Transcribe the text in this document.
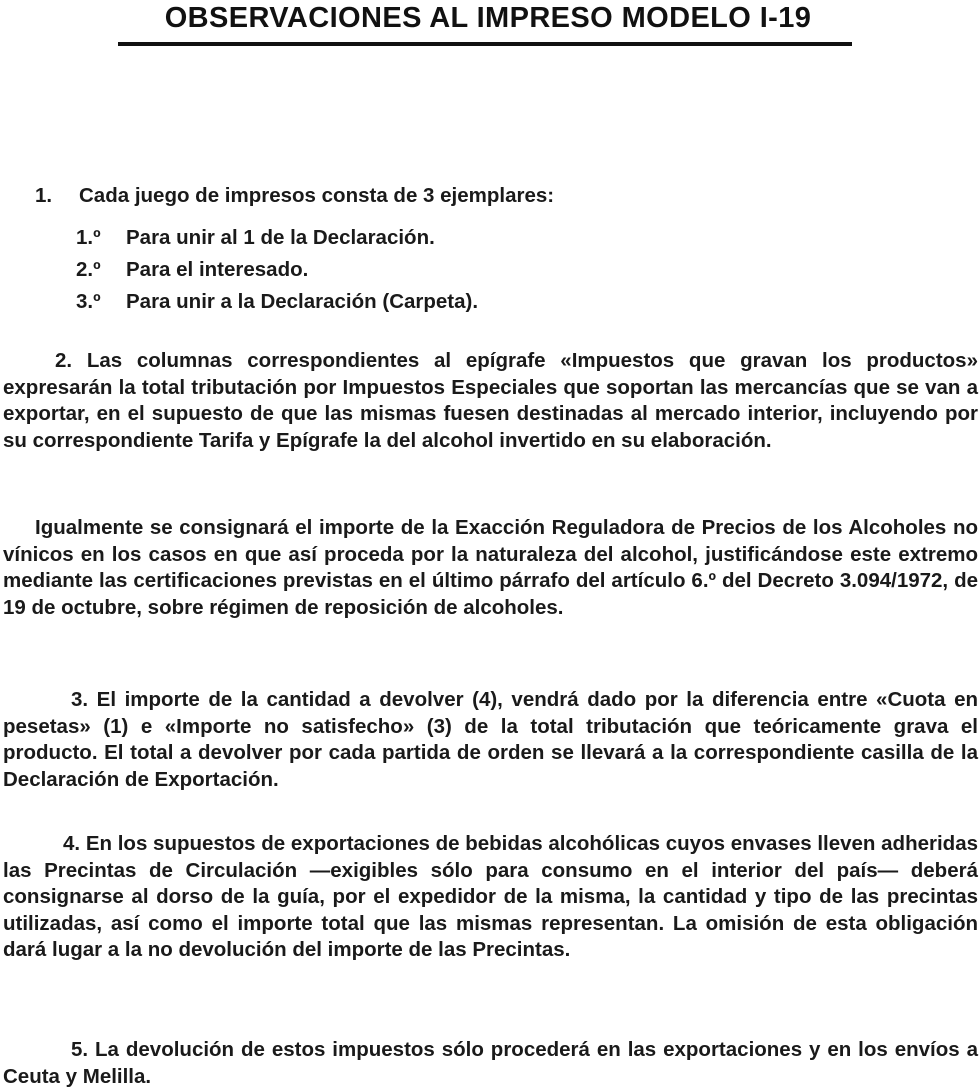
OBSERVACIONES AL IMPRESO MODELO I-19
1. Cada juego de impresos consta de 3 ejemplares:
1.º Para unir al 1 de la Declaración.
2.º Para el interesado.
3.º Para unir a la Declaración (Carpeta).

2. Las columnas correspondientes al epígrafe «Impuestos que gravan los productos» expresarán la total tributación por Impuestos Especiales que soportan las mercancías que se van a exportar, en el supuesto de que las mismas fuesen destinadas al mercado interior, incluyendo por su correspondiente Tarifa y Epígrafe la del alcohol invertido en su elaboración.

Igualmente se consignará el importe de la Exacción Reguladora de Precios de los Alcoholes no vínicos en los casos en que así proceda por la naturaleza del alcohol, justificándose este extremo mediante las certificaciones previstas en el último párrafo del artículo 6.º del Decreto 3.094/1972, de 19 de octubre, sobre régimen de reposición de alcoholes.

3. El importe de la cantidad a devolver (4), vendrá dado por la diferencia entre «Cuota en pesetas» (1) e «Importe no satisfecho» (3) de la total tributación que teóricamente grava el producto. El total a devolver por cada partida de orden se llevará a la correspondiente casilla de la Declaración de Exportación.

4. En los supuestos de exportaciones de bebidas alcohólicas cuyos envases lleven adheridas las Precintas de Circulación —exigibles sólo para consumo en el interior del país— deberá consignarse al dorso de la guía, por el expedidor de la misma, la cantidad y tipo de las precintas utilizadas, así como el importe total que las mismas representan. La omisión de esta obligación dará lugar a la no devolución del importe de las Precintas.

5. La devolución de estos impuestos sólo procederá en las exportaciones y en los envíos a Ceuta y Melilla.
